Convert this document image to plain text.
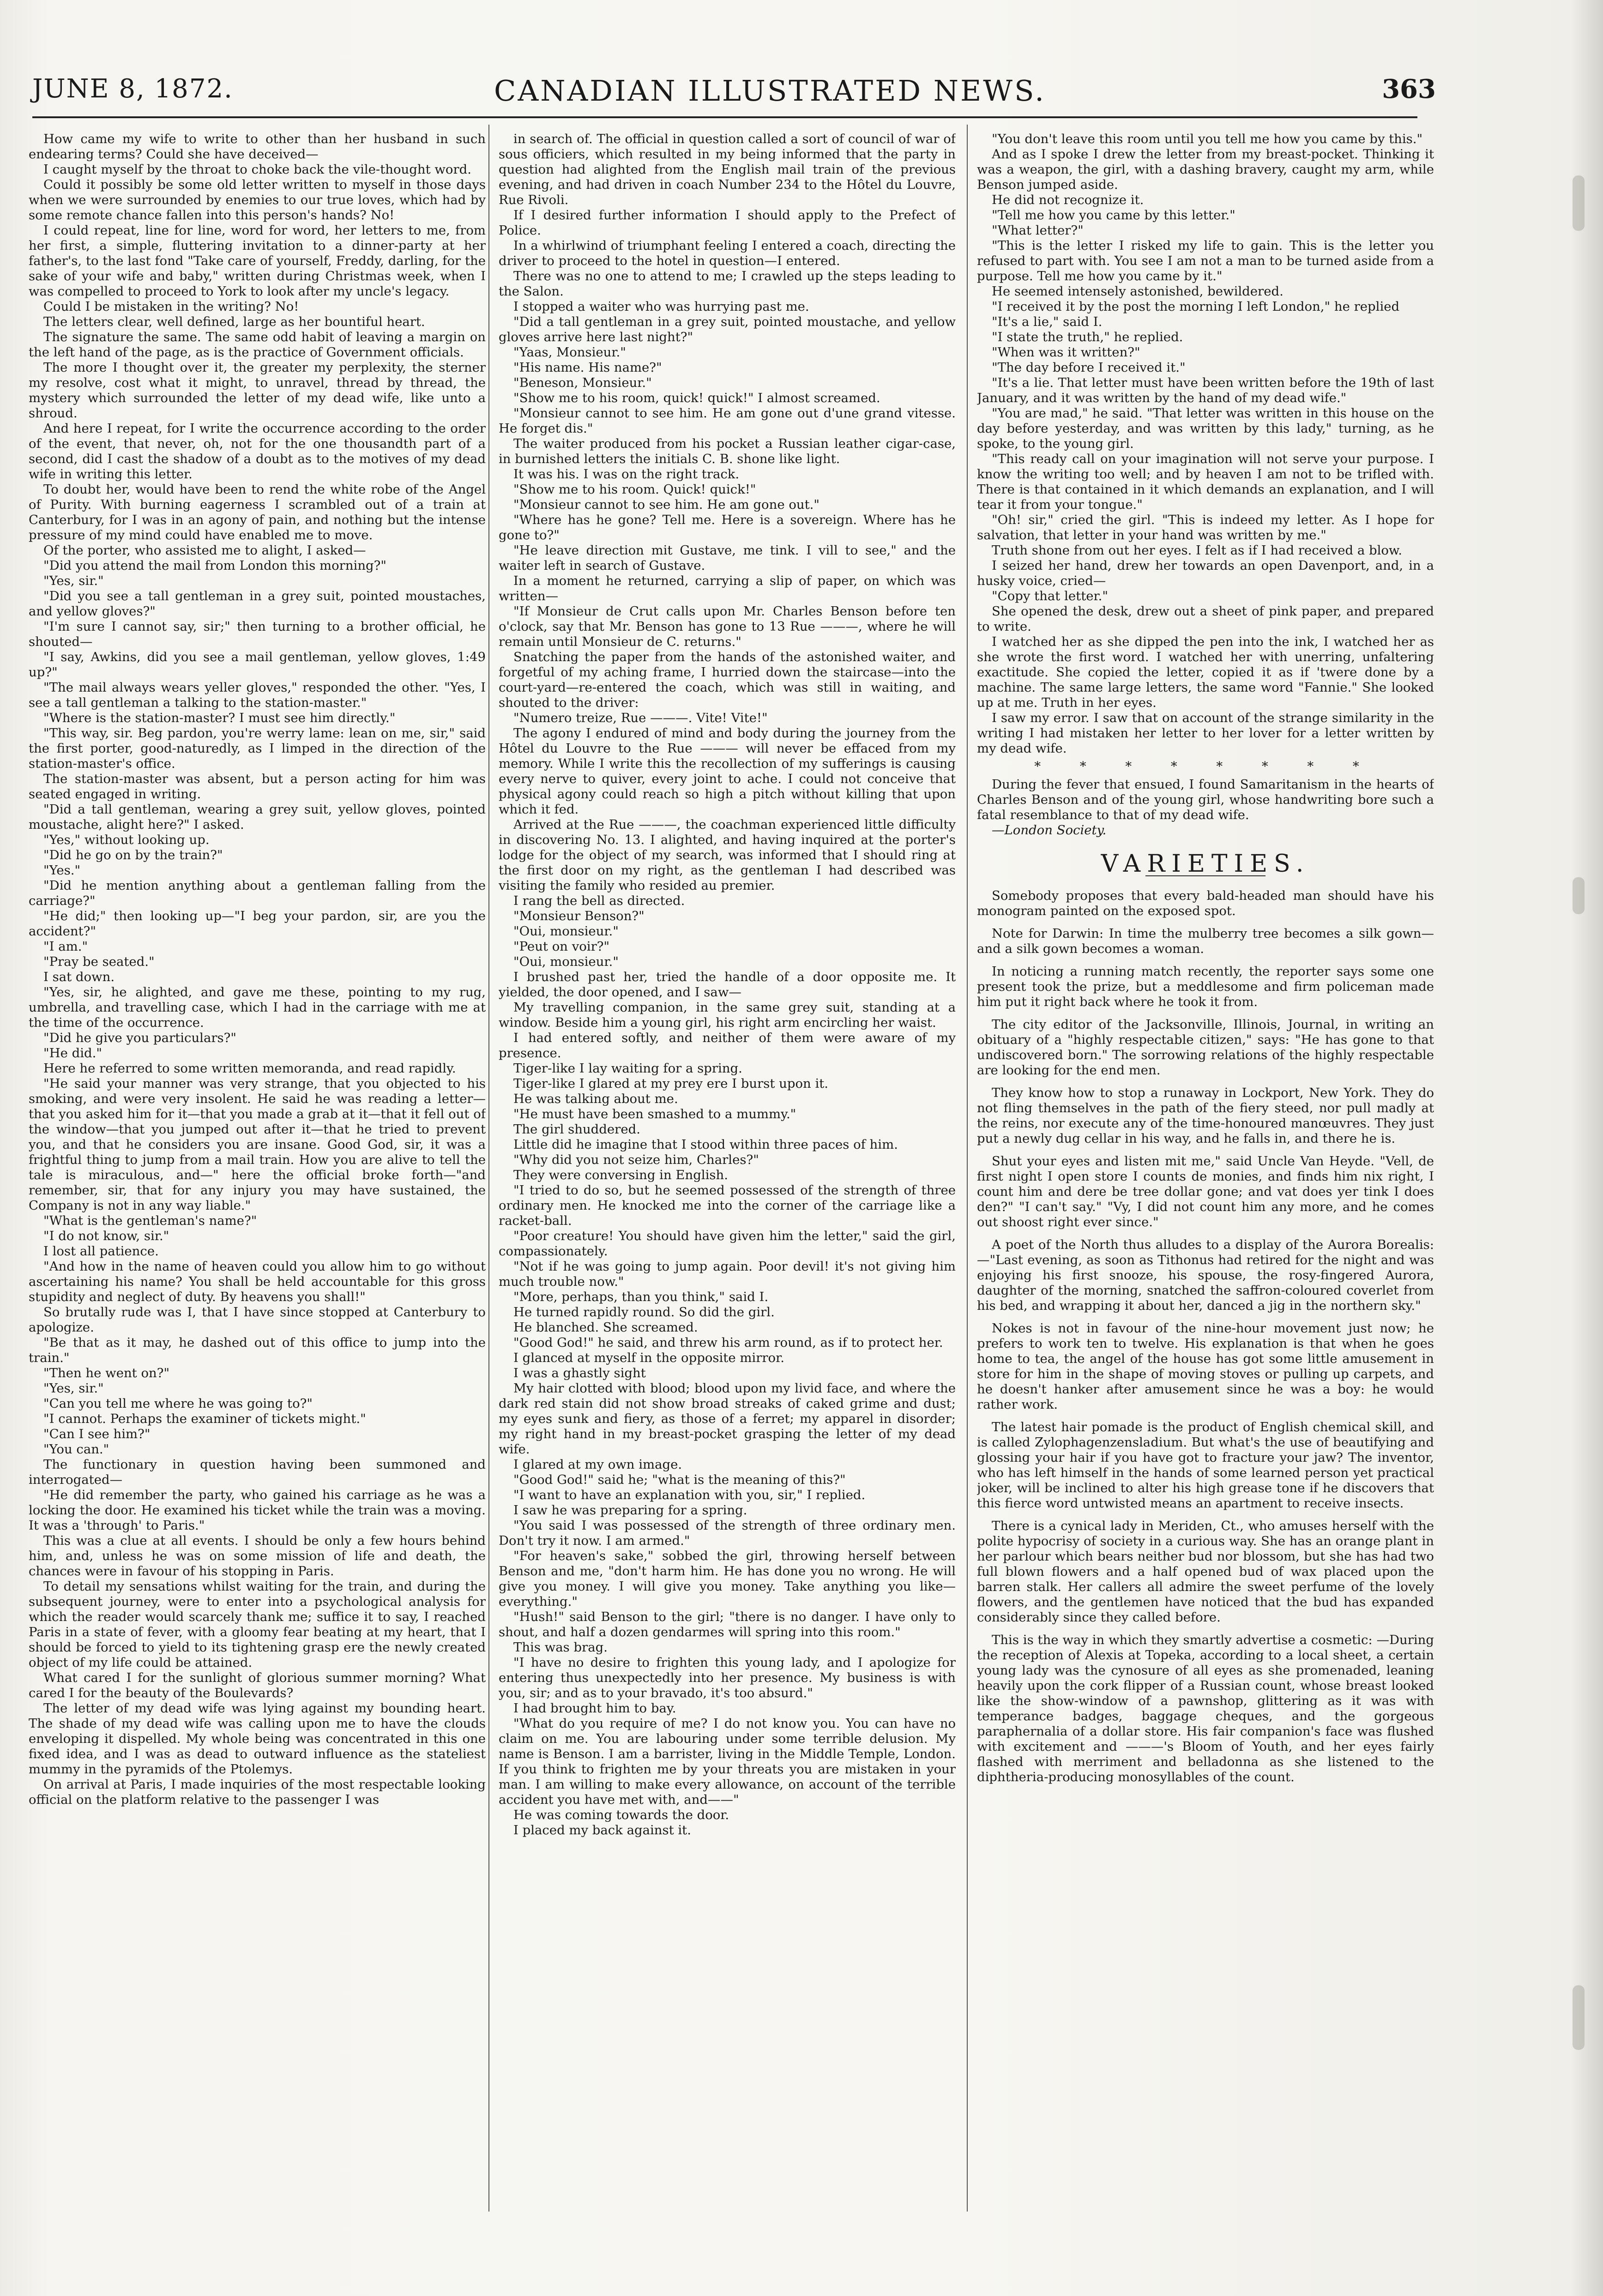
JUNE 8, 1872.	CANADIAN ILLUSTRATED NEWS.	363

How came my wife to write to other than her husband in such endearing terms? Could she have deceived—

I caught myself by the throat to choke back the vile-thought word.

Could it possibly be some old letter written to myself in those days when we were surrounded by enemies to our true loves, which had by some remote chance fallen into this person's hands? No!

I could repeat, line for line, word for word, her letters to me, from her first, a simple, fluttering invitation to a dinner-party at her father's, to the last fond "Take care of yourself, Freddy, darling, for the sake of your wife and baby," written during Christmas week, when I was compelled to proceed to York to look after my uncle's legacy.

Could I be mistaken in the writing? No!

The letters clear, well defined, large as her bountiful heart.

The signature the same. The same odd habit of leaving a margin on the left hand of the page, as is the practice of Government officials.

The more I thought over it, the greater my perplexity, the sterner my resolve, cost what it might, to unravel, thread by thread, the mystery which surrounded the letter of my dead wife, like unto a shroud.

And here I repeat, for I write the occurrence according to the order of the event, that never, oh, not for the one thousandth part of a second, did I cast the shadow of a doubt as to the motives of my dead wife in writing this letter.

To doubt her, would have been to rend the white robe of the Angel of Purity. With burning eagerness I scrambled out of a train at Canterbury, for I was in an agony of pain, and nothing but the intense pressure of my mind could have enabled me to move.

Of the porter, who assisted me to alight, I asked—

"Did you attend the mail from London this morning?"

"Yes, sir."

"Did you see a tall gentleman in a grey suit, pointed moustaches, and yellow gloves?"

"I'm sure I cannot say, sir;" then turning to a brother official, he shouted—

"I say, Awkins, did you see a mail gentleman, yellow gloves, 1:49 up?"

"The mail always wears yeller gloves," responded the other. "Yes, I see a tall gentleman a talking to the station-master."

"Where is the station-master? I must see him directly."

"This way, sir. Beg pardon, you're werry lame: lean on me, sir," said the first porter, good-naturedly, as I limped in the direction of the station-master's office.

The station-master was absent, but a person acting for him was seated engaged in writing.

"Did a tall gentleman, wearing a grey suit, yellow gloves, pointed moustache, alight here?" I asked.

"Yes," without looking up.

"Did he go on by the train?"

"Yes."

"Did he mention anything about a gentleman falling from the carriage?"

"He did;" then looking up—"I beg your pardon, sir, are you the accident?"

"I am."

"Pray be seated."

I sat down.

"Yes, sir, he alighted, and gave me these, pointing to my rug, umbrella, and travelling case, which I had in the carriage with me at the time of the occurrence.

"Did he give you particulars?"

"He did."

Here he referred to some written memoranda, and read rapidly.

"He said your manner was very strange, that you objected to his smoking, and were very insolent. He said he was reading a letter—that you asked him for it—that you made a grab at it—that it fell out of the window—that you jumped out after it—that he tried to prevent you, and that he considers you are insane. Good God, sir, it was a frightful thing to jump from a mail train. How you are alive to tell the tale is miraculous, and—" here the official broke forth—"and remember, sir, that for any injury you may have sustained, the Company is not in any way liable."

"What is the gentleman's name?"

"I do not know, sir."

I lost all patience.

"And how in the name of heaven could you allow him to go without ascertaining his name? You shall be held accountable for this gross stupidity and neglect of duty. By heavens you shall!"

So brutally rude was I, that I have since stopped at Canterbury to apologize.

"Be that as it may, he dashed out of this office to jump into the train."

"Then he went on?"

"Yes, sir."

"Can you tell me where he was going to?"

"I cannot. Perhaps the examiner of tickets might."

"Can I see him?"

"You can."

The functionary in question having been summoned and interrogated—

"He did remember the party, who gained his carriage as he was a locking the door. He examined his ticket while the train was a moving. It was a 'through' to Paris."

This was a clue at all events. I should be only a few hours behind him, and, unless he was on some mission of life and death, the chances were in favour of his stopping in Paris.

To detail my sensations whilst waiting for the train, and during the subsequent journey, were to enter into a psychological analysis for which the reader would scarcely thank me; suffice it to say, I reached Paris in a state of fever, with a gloomy fear beating at my heart, that I should be forced to yield to its tightening grasp ere the newly created object of my life could be attained.

What cared I for the sunlight of glorious summer morning? What cared I for the beauty of the Boulevards?

The letter of my dead wife was lying against my bounding heart. The shade of my dead wife was calling upon me to have the clouds enveloping it dispelled. My whole being was concentrated in this one fixed idea, and I was as dead to outward influence as the stateliest mummy in the pyramids of the Ptolemys.

On arrival at Paris, I made inquiries of the most respectable looking official on the platform relative to the passenger I was

in search of. The official in question called a sort of council of war of sous officiers, which resulted in my being informed that the party in question had alighted from the English mail train of the previous evening, and had driven in coach Number 234 to the Hôtel du Louvre, Rue Rivoli.

If I desired further information I should apply to the Prefect of Police.

In a whirlwind of triumphant feeling I entered a coach, directing the driver to proceed to the hotel in question—I entered.

There was no one to attend to me; I crawled up the steps leading to the Salon.

I stopped a waiter who was hurrying past me.

"Did a tall gentleman in a grey suit, pointed moustache, and yellow gloves arrive here last night?"

"Yaas, Monsieur."

"His name. His name?"

"Beneson, Monsieur."

"Show me to his room, quick! quick!" I almost screamed.

"Monsieur cannot to see him. He am gone out d'une grand vitesse. He forget dis."

The waiter produced from his pocket a Russian leather cigar-case, in burnished letters the initials C. B. shone like light.

It was his. I was on the right track.

"Show me to his room. Quick! quick!"

"Monsieur cannot to see him. He am gone out."

"Where has he gone? Tell me. Here is a sovereign. Where has he gone to?"

"He leave direction mit Gustave, me tink. I vill to see," and the waiter left in search of Gustave.

In a moment he returned, carrying a slip of paper, on which was written—

"If Monsieur de Crut calls upon Mr. Charles Benson before ten o'clock, say that Mr. Benson has gone to 13 Rue ———, where he will remain until Monsieur de C. returns."

Snatching the paper from the hands of the astonished waiter, and forgetful of my aching frame, I hurried down the staircase—into the court-yard—re-entered the coach, which was still in waiting, and shouted to the driver:

"Numero treize, Rue ———. Vite! Vite!"

The agony I endured of mind and body during the journey from the Hôtel du Louvre to the Rue ——— will never be effaced from my memory. While I write this the recollection of my sufferings is causing every nerve to quiver, every joint to ache. I could not conceive that physical agony could reach so high a pitch without killing that upon which it fed.

Arrived at the Rue ———, the coachman experienced little difficulty in discovering No. 13. I alighted, and having inquired at the porter's lodge for the object of my search, was informed that I should ring at the first door on my right, as the gentleman I had described was visiting the family who resided au premier.

I rang the bell as directed.

"Monsieur Benson?"

"Oui, monsieur."

"Peut on voir?"

"Oui, monsieur."

I brushed past her, tried the handle of a door opposite me. It yielded, the door opened, and I saw—

My travelling companion, in the same grey suit, standing at a window. Beside him a young girl, his right arm encircling her waist.

I had entered softly, and neither of them were aware of my presence.

Tiger-like I lay waiting for a spring.

Tiger-like I glared at my prey ere I burst upon it.

He was talking about me.

"He must have been smashed to a mummy."

The girl shuddered.

Little did he imagine that I stood within three paces of him.

"Why did you not seize him, Charles?"

They were conversing in English.

"I tried to do so, but he seemed possessed of the strength of three ordinary men. He knocked me into the corner of the carriage like a racket-ball.

"Poor creature! You should have given him the letter," said the girl, compassionately.

"Not if he was going to jump again. Poor devil! it's not giving him much trouble now."

"More, perhaps, than you think," said I.

He turned rapidly round. So did the girl.

He blanched. She screamed.

"Good God!" he said, and threw his arm round, as if to protect her.

I glanced at myself in the opposite mirror.

I was a ghastly sight

My hair clotted with blood; blood upon my livid face, and where the dark red stain did not show broad streaks of caked grime and dust; my eyes sunk and fiery, as those of a ferret; my apparel in disorder; my right hand in my breast-pocket grasping the letter of my dead wife.

I glared at my own image.

"Good God!" said he; "what is the meaning of this?"

"I want to have an explanation with you, sir," I replied.

I saw he was preparing for a spring.

"You said I was possessed of the strength of three ordinary men. Don't try it now. I am armed."

"For heaven's sake," sobbed the girl, throwing herself between Benson and me, "don't harm him. He has done you no wrong. He will give you money. I will give you money. Take anything you like—everything."

"Hush!" said Benson to the girl; "there is no danger. I have only to shout, and half a dozen gendarmes will spring into this room."

This was brag.

"I have no desire to frighten this young lady, and I apologize for entering thus unexpectedly into her presence. My business is with you, sir; and as to your bravado, it's too absurd."

I had brought him to bay.

"What do you require of me? I do not know you. You can have no claim on me. You are labouring under some terrible delusion. My name is Benson. I am a barrister, living in the Middle Temple, London. If you think to frighten me by your threats you are mistaken in your man. I am willing to make every allowance, on account of the terrible accident you have met with, and——"

He was coming towards the door.

I placed my back against it.

"You don't leave this room until you tell me how you came by this."

And as I spoke I drew the letter from my breast-pocket. Thinking it was a weapon, the girl, with a dashing bravery, caught my arm, while Benson jumped aside.

He did not recognize it.

"Tell me how you came by this letter."

"What letter?"

"This is the letter I risked my life to gain. This is the letter you refused to part with. You see I am not a man to be turned aside from a purpose. Tell me how you came by it."

He seemed intensely astonished, bewildered.

"I received it by the post the morning I left London," he replied

"It's a lie," said I.

"I state the truth," he replied.

"When was it written?"

"The day before I received it."

"It's a lie. That letter must have been written before the 19th of last January, and it was written by the hand of my dead wife."

"You are mad," he said. "That letter was written in this house on the day before yesterday, and was written by this lady," turning, as he spoke, to the young girl.

"This ready call on your imagination will not serve your purpose. I know the writing too well; and by heaven I am not to be trifled with. There is that contained in it which demands an explanation, and I will tear it from your tongue."

"Oh! sir," cried the girl. "This is indeed my letter. As I hope for salvation, that letter in your hand was written by me."

Truth shone from out her eyes. I felt as if I had received a blow.

I seized her hand, drew her towards an open Davenport, and, in a husky voice, cried—

"Copy that letter."

She opened the desk, drew out a sheet of pink paper, and prepared to write.

I watched her as she dipped the pen into the ink, I watched her as she wrote the first word. I watched her with unerring, unfaltering exactitude. She copied the letter, copied it as if 'twere done by a machine. The same large letters, the same word "Fannie." She looked up at me. Truth in her eyes.

I saw my error. I saw that on account of the strange similarity in the writing I had mistaken her letter to her lover for a letter written by my dead wife.

* * * * * * * *

During the fever that ensued, I found Samaritanism in the hearts of Charles Benson and of the young girl, whose handwriting bore such a fatal resemblance to that of my dead wife.

—London Society.

VARIETIES.

Somebody proposes that every bald-headed man should have his monogram painted on the exposed spot.

Note for Darwin: In time the mulberry tree becomes a silk gown—and a silk gown becomes a woman.

In noticing a running match recently, the reporter says some one present took the prize, but a meddlesome and firm policeman made him put it right back where he took it from.

The city editor of the Jacksonville, Illinois, Journal, in writing an obituary of a "highly respectable citizen," says: "He has gone to that undiscovered born." The sorrowing relations of the highly respectable are looking for the end men.

They know how to stop a runaway in Lockport, New York. They do not fling themselves in the path of the fiery steed, nor pull madly at the reins, nor execute any of the time-honoured manœuvres. They just put a newly dug cellar in his way, and he falls in, and there he is.

Shut your eyes and listen mit me," said Uncle Van Heyde. "Vell, de first night I open store I counts de monies, and finds him nix right, I count him and dere be tree dollar gone; and vat does yer tink I does den?" "I can't say." "Vy, I did not count him any more, and he comes out shoost right ever since."

A poet of the North thus alludes to a display of the Aurora Borealis:—"Last evening, as soon as Tithonus had retired for the night and was enjoying his first snooze, his spouse, the rosy-fingered Aurora, daughter of the morning, snatched the saffron-coloured coverlet from his bed, and wrapping it about her, danced a jig in the northern sky."

Nokes is not in favour of the nine-hour movement just now; he prefers to work ten to twelve. His explanation is that when he goes home to tea, the angel of the house has got some little amusement in store for him in the shape of moving stoves or pulling up carpets, and he doesn't hanker after amusement since he was a boy: he would rather work.

The latest hair pomade is the product of English chemical skill, and is called Zylophagenzensladium. But what's the use of beautifying and glossing your hair if you have got to fracture your jaw? The inventor, who has left himself in the hands of some learned person yet practical joker, will be inclined to alter his high grease tone if he discovers that this fierce word untwisted means an apartment to receive insects.

There is a cynical lady in Meriden, Ct., who amuses herself with the polite hypocrisy of society in a curious way. She has an orange plant in her parlour which bears neither bud nor blossom, but she has had two full blown flowers and a half opened bud of wax placed upon the barren stalk. Her callers all admire the sweet perfume of the lovely flowers, and the gentlemen have noticed that the bud has expanded considerably since they called before.

This is the way in which they smartly advertise a cosmetic: —During the reception of Alexis at Topeka, according to a local sheet, a certain young lady was the cynosure of all eyes as she promenaded, leaning heavily upon the cork flipper of a Russian count, whose breast looked like the show-window of a pawnshop, glittering as it was with temperance badges, baggage cheques, and the gorgeous paraphernalia of a dollar store. His fair companion's face was flushed with excitement and ———'s Bloom of Youth, and her eyes fairly flashed with merriment and belladonna as she listened to the diphtheria-producing monosyllables of the count.
